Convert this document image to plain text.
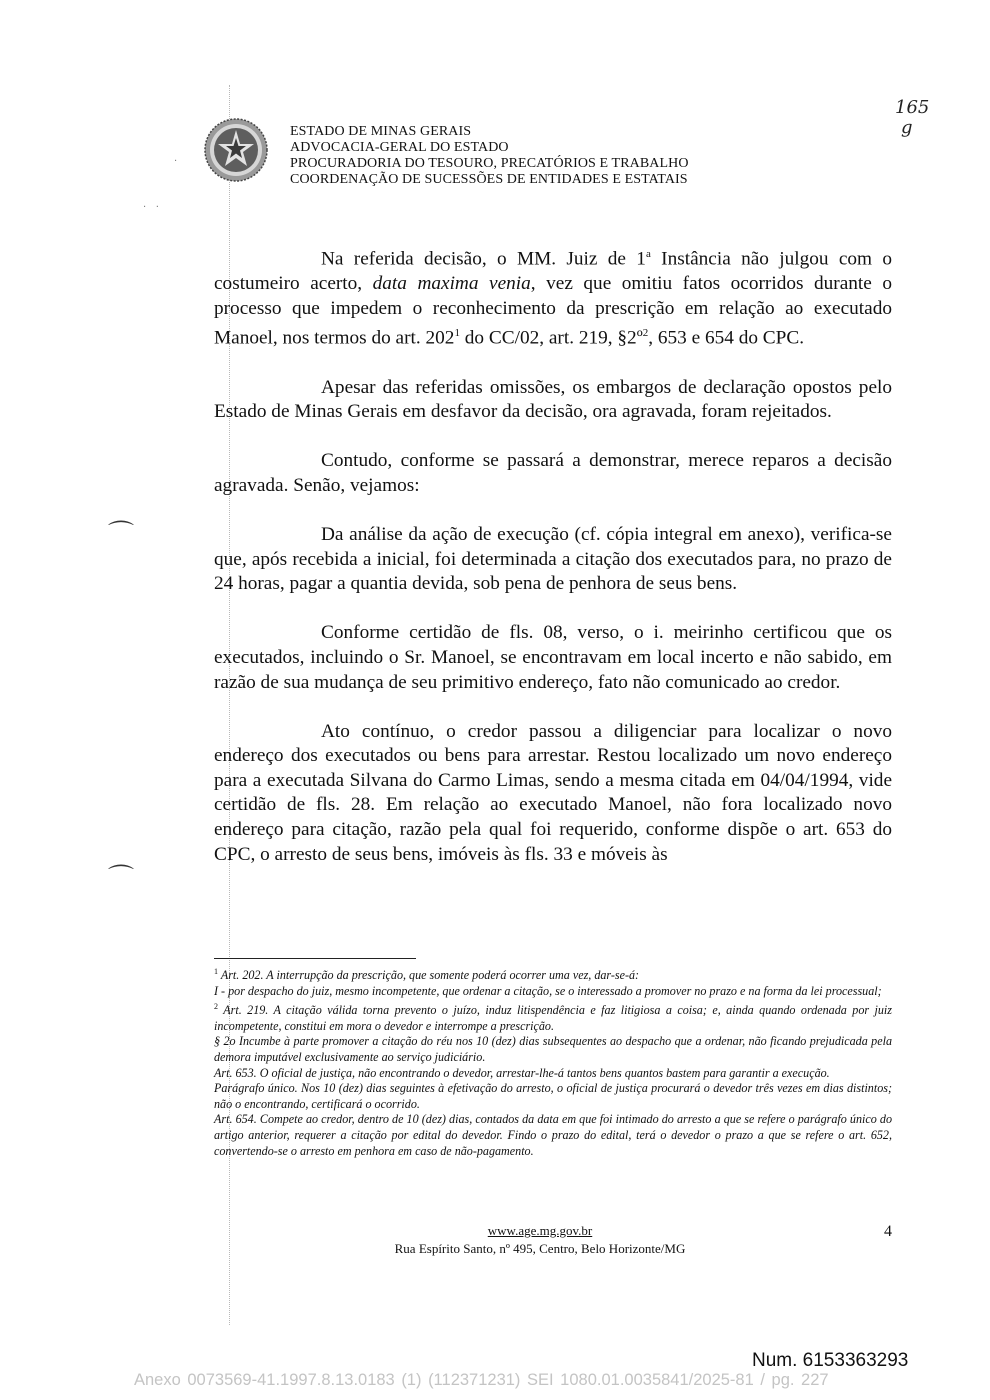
ESTADO DE MINAS GERAIS
ADVOCACIA-GERAL DO ESTADO
PROCURADORIA DO TESOURO, PRECATÓRIOS E TRABALHO
COORDENAÇÃO DE SUCESSÕES DE ENTIDADES E ESTATAIS
165
g
·
·   ·
⌒
⌒

Na referida decisão, o MM. Juiz de 1$^a$ Instância não julgou com o costumeiro acerto, data maxima venia, vez que omitiu fatos ocorridos durante o processo que impedem o reconhecimento da prescrição em relação ao executado Manoel, nos termos do art. $202^1$ do CC/02, art. 219, §2º$^2$, 653 e 654 do CPC.

Apesar das referidas omissões, os embargos de declaração opostos pelo Estado de Minas Gerais em desfavor da decisão, ora agravada, foram rejeitados.

Contudo, conforme se passará a demonstrar, merece reparos a decisão agravada. Senão, vejamos:

Da análise da ação de execução (cf. cópia integral em anexo), verifica-se que, após recebida a inicial, foi determinada a citação dos executados para, no prazo de 24 horas, pagar a quantia devida, sob pena de penhora de seus bens.

Conforme certidão de fls. 08, verso, o i. meirinho certificou que os executados, incluindo o Sr. Manoel, se encontravam em local incerto e não sabido, em razão de sua mudança de seu primitivo endereço, fato não comunicado ao credor.

Ato contínuo, o credor passou a diligenciar para localizar o novo endereço dos executados ou bens para arrestar. Restou localizado um novo endereço para a executada Silvana do Carmo Limas, sendo a mesma citada em 04/04/1994, vide certidão de fls. 28. Em relação ao executado Manoel, não fora localizado novo endereço para citação, razão pela qual foi requerido, conforme dispõe o art. 653 do CPC, o arresto de seus bens, imóveis às fls. 33 e móveis às

$^1$ Art. 202. A interrupção da prescrição, que somente poderá ocorrer uma vez, dar-se-á:

I - por despacho do juiz, mesmo incompetente, que ordenar a citação, se o interessado a promover no prazo e na forma da lei processual;

$^2$ Art. 219. A citação válida torna prevento o juízo, induz litispendência e faz litigiosa a coisa; e, ainda quando ordenada por juiz incompetente, constitui em mora o devedor e interrompe a prescrição.

§ 2o Incumbe à parte promover a citação do réu nos 10 (dez) dias subsequentes ao despacho que a ordenar, não ficando prejudicada pela demora imputável exclusivamente ao serviço judiciário.

Art. 653. O oficial de justiça, não encontrando o devedor, arrestar-lhe-á tantos bens quantos bastem para garantir a execução.

Parágrafo único. Nos 10 (dez) dias seguintes à efetivação do arresto, o oficial de justiça procurará o devedor três vezes em dias distintos; não o encontrando, certificará o ocorrido.

Art. 654. Compete ao credor, dentro de 10 (dez) dias, contados da data em que foi intimado do arresto a que se refere o parágrafo único do artigo anterior, requerer a citação por edital do devedor. Findo o prazo do edital, terá o devedor o prazo a que se refere o art. 652, convertendo-se o arresto em penhora em caso de não-pagamento.

www.age.mg.gov.br
Rua Espírito Santo, nº 495, Centro, Belo Horizonte/MG
4
Num. 6153363293
Anexo 0073569-41.1997.8.13.0183 (1) (112371231) SEI 1080.01.0035841/2025-81 / pg. 227
